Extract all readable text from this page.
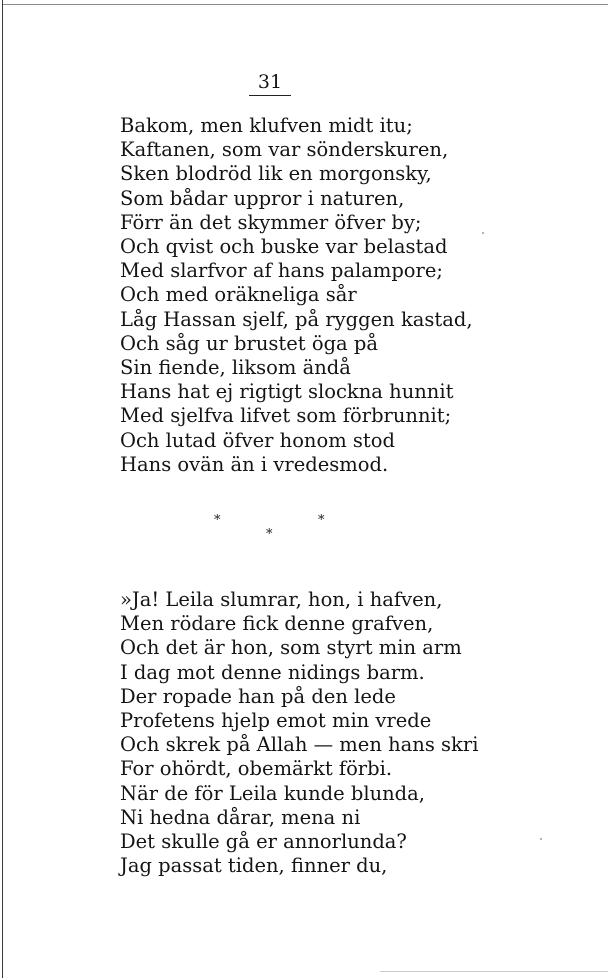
31
Bakom, men klufven midt itu;
Kaftanen, som var sönderskuren,
Sken blodröd lik en morgonsky,
Som bådar uppror i naturen,
Förr än det skymmer öfver by;
Och qvist och buske var belastad
Med slarfvor af hans palampore;
Och med oräkneliga sår
Låg Hassan sjelf, på ryggen kastad,
Och såg ur brustet öga på
Sin fiende, liksom ändå
Hans hat ej rigtigt slockna hunnit
Med sjelfva lifvet som förbrunnit;
Och lutad öfver honom stod
Hans ovän än i vredesmod.
*	*
*
»Ja! Leila slumrar, hon, i hafven,
Men rödare fick denne grafven,
Och det är hon, som styrt min arm
I dag mot denne nidings barm.
Der ropade han på den lede
Profetens hjelp emot min vrede
Och skrek på Allah — men hans skri
For ohördt, obemärkt förbi.
När de för Leila kunde blunda,
Ni hedna dårar, mena ni
Det skulle gå er annorlunda?
Jag passat tiden, finner du,
